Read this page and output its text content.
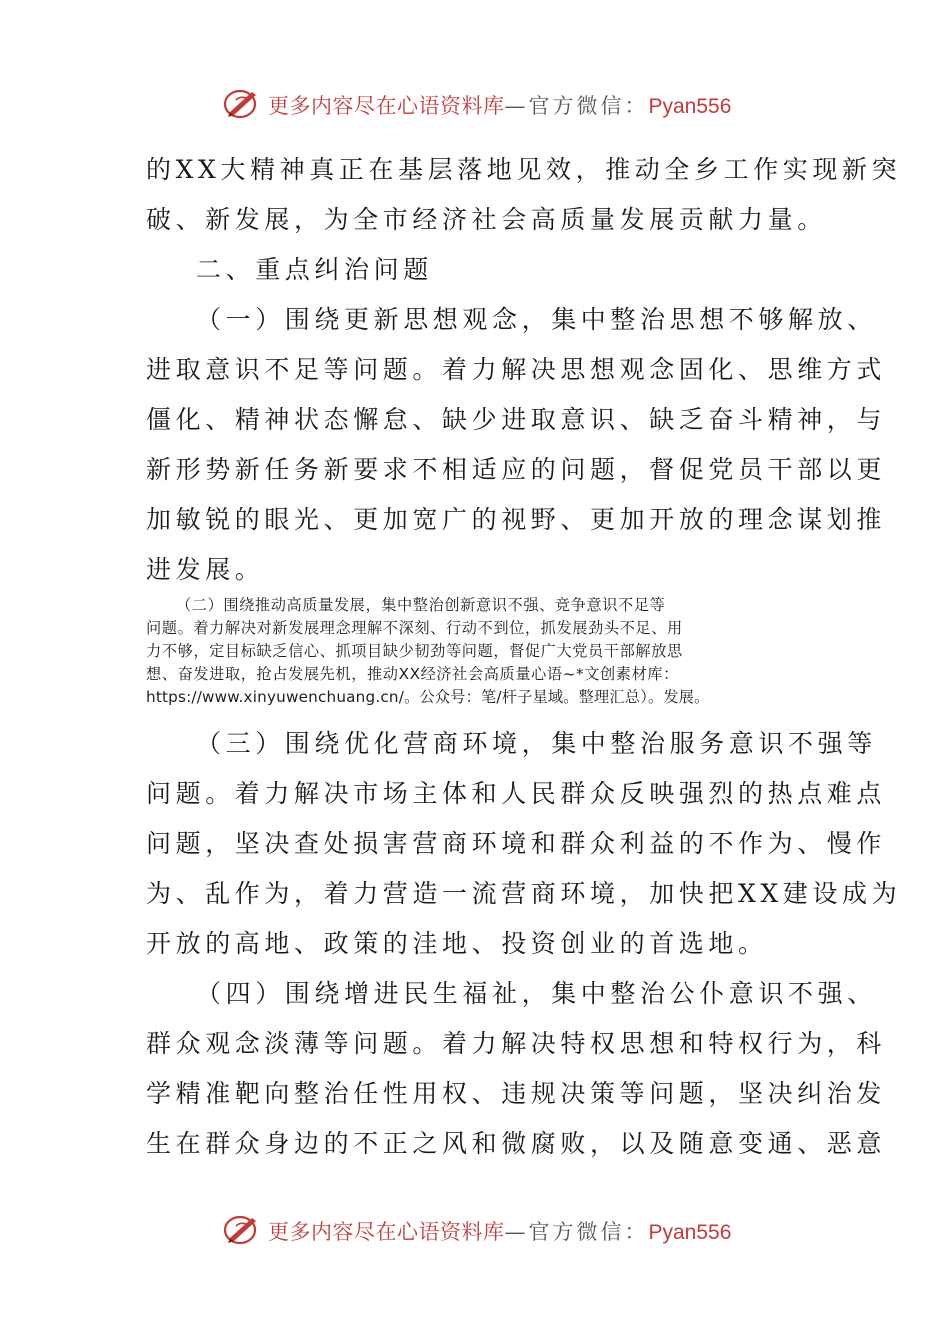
更多内容尽在心语资料库—官方微信：Pyan556
的XX大精神真正在基层落地见效，推动全乡工作实现新突
破、新发展，为全市经济社会高质量发展贡献力量。
二、重点纠治问题
（一）围绕更新思想观念，集中整治思想不够解放、
进取意识不足等问题。着力解决思想观念固化、思维方式
僵化、精神状态懈怠、缺少进取意识、缺乏奋斗精神，与
新形势新任务新要求不相适应的问题，督促党员干部以更
加敏锐的眼光、更加宽广的视野、更加开放的理念谋划推
进发展。
（二）围绕推动高质量发展，集中整治创新意识不强、竞争意识不足等
问题。着力解决对新发展理念理解不深刻、行动不到位，抓发展劲头不足、用
力不够，定目标缺乏信心、抓项目缺少韧劲等问题，督促广大党员干部解放思
想、奋发进取，抢占发展先机，推动XX经济社会高质量心语~*文创素材库：
https://www.xinyuwenchuang.cn/。公众号：笔/杆子星域。整理汇总）。发展。
（三）围绕优化营商环境，集中整治服务意识不强等
问题。着力解决市场主体和人民群众反映强烈的热点难点
问题，坚决查处损害营商环境和群众利益的不作为、慢作
为、乱作为，着力营造一流营商环境，加快把XX建设成为
开放的高地、政策的洼地、投资创业的首选地。
（四）围绕增进民生福祉，集中整治公仆意识不强、
群众观念淡薄等问题。着力解决特权思想和特权行为，科
学精准靶向整治任性用权、违规决策等问题，坚决纠治发
生在群众身边的不正之风和微腐败，以及随意变通、恶意
更多内容尽在心语资料库—官方微信：Pyan556
